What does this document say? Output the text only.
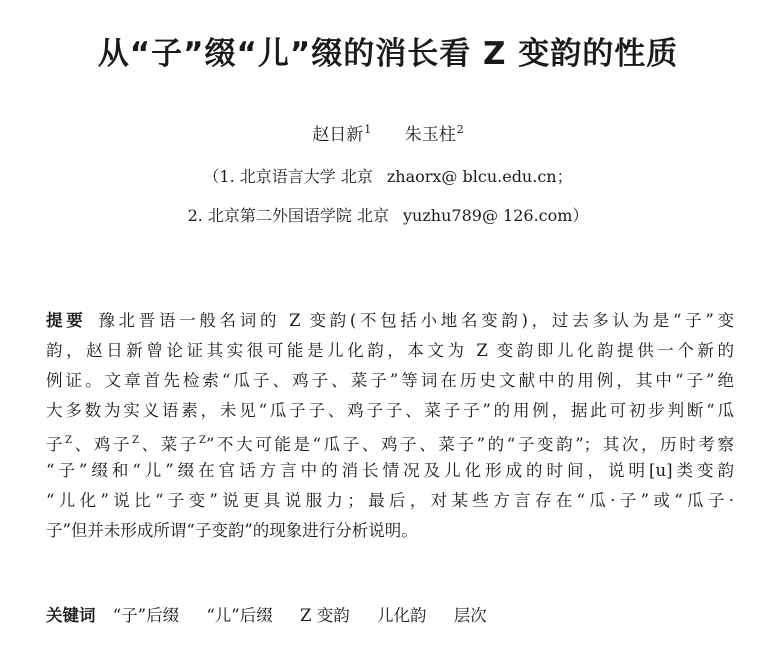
从“子”缀“儿”缀的消长看 Z 变韵的性质
赵日新$^1$ 朱玉柱$^2$
（1. 北京语言大学 北京 zhaorx@ blcu.edu.cn；
2. 北京第二外国语学院 北京 yuzhu789@ 126.com）
提要 豫北晋语一般名词的 Z 变韵(不包括小地名变韵)，过去多认为是“子”变
韵，赵日新曾论证其实很可能是儿化韵，本文为 Z 变韵即儿化韵提供一个新的
例证。文章首先检索“瓜子、鸡子、菜子”等词在历史文献中的用例，其中“子”绝
大多数为实义语素，未见“瓜子子、鸡子子、菜子子”的用例，据此可初步判断“瓜
子$^Z$、鸡子$^Z$、菜子$^Z$”不大可能是“瓜子、鸡子、菜子”的“子变韵”；其次，历时考察
“子”缀和“儿”缀在官话方言中的消长情况及儿化形成的时间，说明[u]类变韵
“儿化”说比“子变”说更具说服力；最后，对某些方言存在“瓜·子”或“瓜子·
子”但并未形成所谓“子变韵”的现象进行分析说明。
关键词 “子”后缀 “儿”后缀 Z 变韵 儿化韵 层次
